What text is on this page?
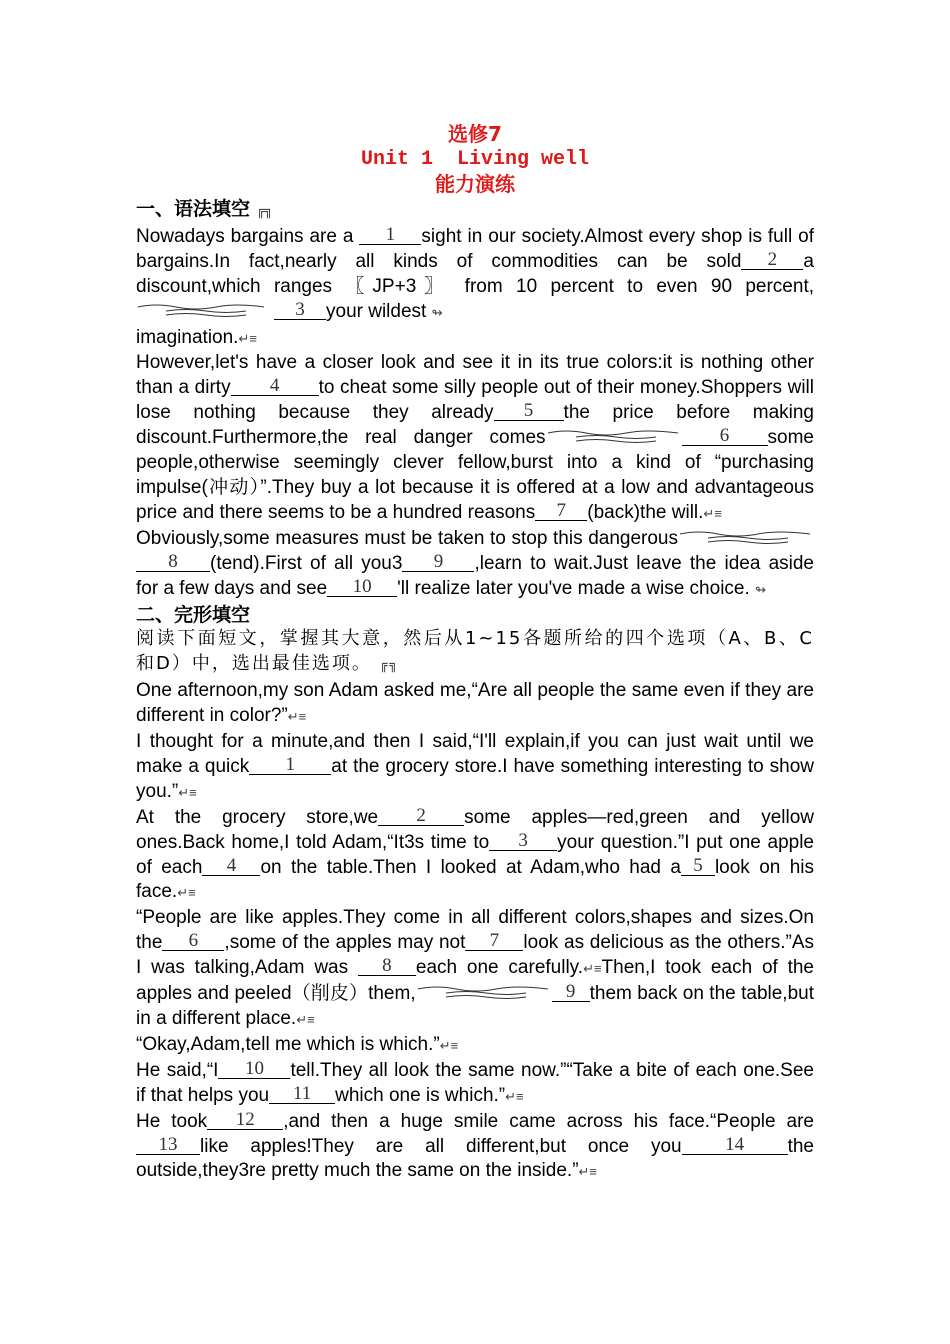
选修7
Unit 1  Living well
能力演练
一、语法填空 ╔╗

Nowadays bargains are a 1 sight in our society.Almost every shop is full of bargains.In fact,nearly all kinds of commodities can be sold 2 a discount,which ranges 〖JP+3〗 from 10 percent to even 90 percent,3 your wildest ↬
imagination.↵≡

However,let's have a closer look and see it in its true colors:it is nothing other than a dirty 4 to cheat some silly people out of their money.Shoppers will lose nothing because they already 5 the price before making discount.Furthermore,the real danger comes	6 some people,otherwise seemingly clever fellow,burst into a kind of “purchasing impulse(冲动）”.They buy a lot because it is offered at a low and advantageous price and there seems to be a hundred reasons 7 (back)the will.↵≡

Obviously,some measures must be taken to stop this dangerous8 (tend).First of all you3 9 ,learn to wait.Just leave the idea aside for a few days and see 10 'll realize later you've made a wise choice. ↬

二、完形填空

阅读下面短文，掌握其大意，然后从1~15各题所给的四个选项（A、B、C和D）中，选出最佳选项。 ╔╗

One afternoon,my son Adam asked me,“Are all people the same even if they are different in color?”↵≡

I thought for a minute,and then I said,“I'll explain,if you can just wait until we make a quick 1 at the grocery store.I have something interesting to show you.”↵≡

At the grocery store,we 2 some apples—red,green and yellow ones.Back home,I told Adam,“It3s time to 3 your question.”I put one apple of each 4 on the table.Then I looked at Adam,who had a 5 look on his face.↵≡

“People are like apples.They come in all different colors,shapes and sizes.On the 6 ,some of the apples may not 7 look as delicious as the others.”As I was talking,Adam was 8 each one carefully.↵≡Then,I took each of the apples and peeled（削皮）them,	9 them back on the table,but in a different place.↵≡

“Okay,Adam,tell me which is which.”↵≡

He said,“I 10 tell.They all look the same now.”“Take a bite of each one.See if that helps you 11 which one is which.”↵≡

He took 12 ,and then a huge smile came across his face.“People are 13 like apples!They are all different,but once you 14 the outside,they3re pretty much the same on the inside.”↵≡
